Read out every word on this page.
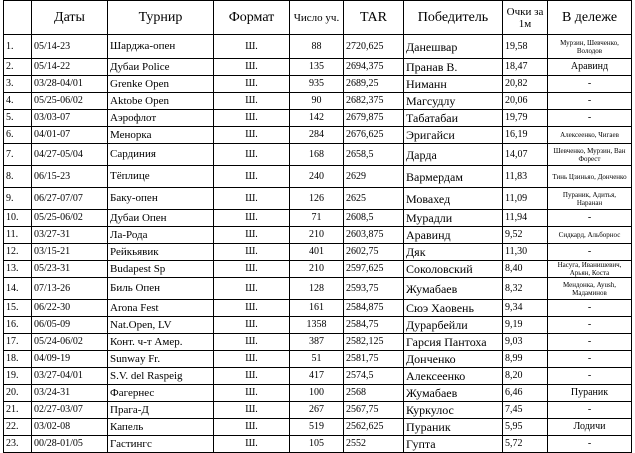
	Даты	Турнир	Формат	Число уч.	TAR	Победитель	Очки за 1м	В дележе
1.	05/14-23	Шарджа-опен	Ш.	88	2720,625	Данешвар	19,58	Мурзин, Шевченко, Володов
2.	05/14-22	Дубаи Police	Ш.	135	2694,375	Пранав В.	18,47	Аравинд
3.	03/28-04/01	Grenke Open	Ш.	935	2689,25	Ниманн	20,82	-
4.	05/25-06/02	Aktobe Open	Ш.	90	2682,375	Магсудлу	20,06	-
5.	03/03-07	Аэрофлот	Ш.	142	2679,875	Табатабаи	19,79	-
6.	04/01-07	Менорка	Ш.	284	2676,625	Эригайси	16,19	Алексеенко, Чигаев
7.	04/27-05/04	Сардиния	Ш.	168	2658,5	Дарда	14,07	Шевченко, Мурзин, Ван Форест
8.	06/15-23	Тёплице	Ш.	240	2629	Вармердам	11,83	Тинь Цзиньяо, Донченко
9.	06/27-07/07	Баку-опен	Ш.	126	2625	Мовахед	11,09	Пураник, Адитья, Наранан
10.	05/25-06/02	Дубаи Опен	Ш.	71	2608,5	Мурадли	11,94	-
11.	03/27-31	Ла-Рода	Ш.	210	2603,875	Аравинд	9,52	Сидкард, Альборнос
12.	03/15-21	Рейкьявик	Ш.	401	2602,75	Дяк	11,30	-
13.	05/23-31	Budapest Sp	Ш.	210	2597,625	Соколовский	8,40	Насуга, Иванишевич, Арьян, Коста
14.	07/13-26	Биль Опен	Ш.	128	2593,75	Жумабаев	8,32	Мендонка, Ayush, Мадаминов
15.	06/22-30	Arona Fest	Ш.	161	2584,875	Сюэ Хаовень	9,34	-
16.	06/05-09	Nat.Open, LV	Ш.	1358	2584,75	Дурарбейли	9,19	-
17.	05/24-06/02	Конт. ч-т Амер.	Ш.	387	2582,125	Гарсия Пантоха	9,03	-
18.	04/09-19	Sunway Fr.	Ш.	51	2581,75	Донченко	8,99	-
19.	03/27-04/01	S.V. del Raspeig	Ш.	417	2574,5	Алексеенко	8,20	-
20.	03/24-31	Фагернес	Ш.	100	2568	Жумабаев	6,46	Пураник
21.	02/27-03/07	Прага-Д	Ш.	267	2567,75	Куркулос	7,45	-
22.	03/02-08	Капель	Ш.	519	2562,625	Пураник	5,95	Лодичи
23.	00/28-01/05	Гастингс	Ш.	105	2552	Гупта	5,72	-
